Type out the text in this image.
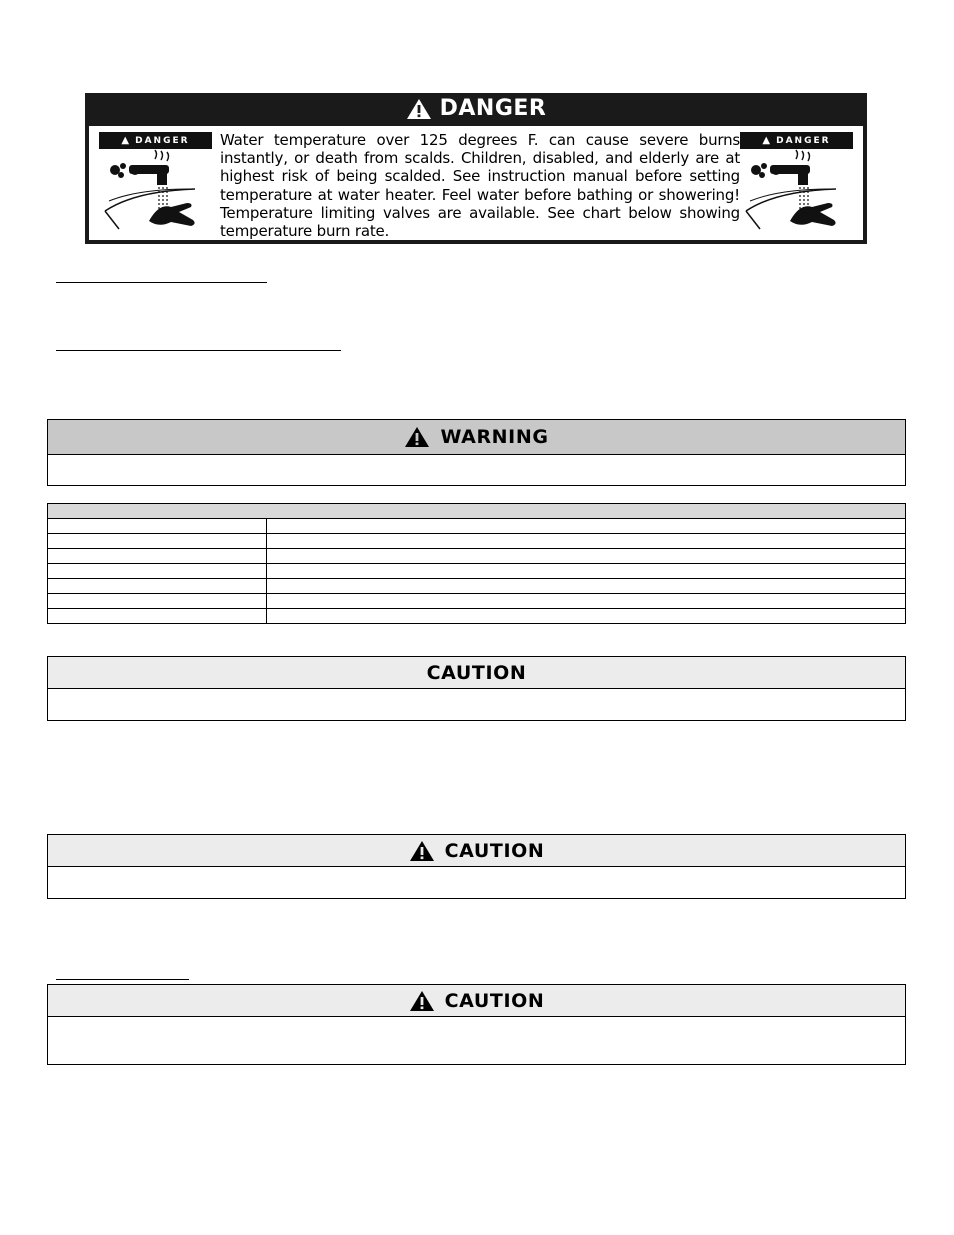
DANGER
▲ DANGER Water temperature over 125 degrees F. can cause severe burns instantly, or death from scalds. Children, disabled, and elderly are at highest risk of being scalded. See instruction manual before setting temperature at water heater. Feel water before bathing or showering! Temperature limiting valves are available. See chart below showing temperature burn rate.
▲ DANGER
WARNING

CAUTION
CAUTION
CAUTION
